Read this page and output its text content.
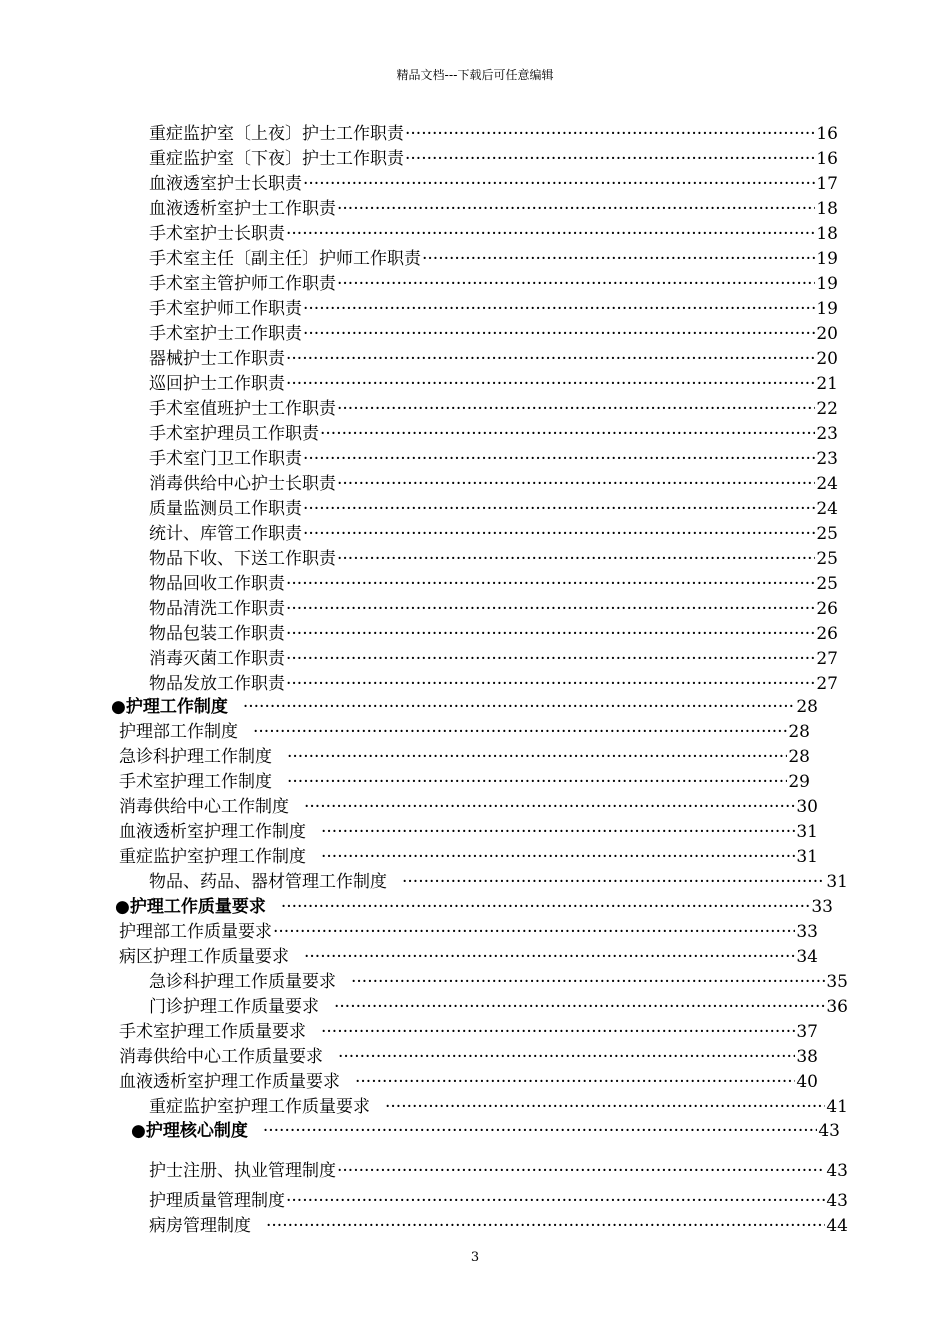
精品文档---下载后可任意编辑
重症监护室〔上夜〕护士工作职责 ·····	16
重症监护室〔下夜〕护士工作职责 ·····	16
血液透室护士长职责 ·····	17
血液透析室护士工作职责 ·····	18
手术室护士长职责 ·····	18
手术室主任〔副主任〕护师工作职责 ·····	19
手术室主管护师工作职责 ·····	19
手术室护师工作职责 ·····	19
手术室护士工作职责 ·····	20
器械护士工作职责 ·····	20
巡回护士工作职责 ·····	21
手术室值班护士工作职责 ·····	22
手术室护理员工作职责 ·····	23
手术室门卫工作职责 ·····	23
消毒供给中心护士长职责 ·····	24
质量监测员工作职责 ·····	24
统计、库管工作职责 ·····	25
物品下收、下送工作职责 ·····	25
物品回收工作职责 ·····	25
物品清洗工作职责 ·····	26
物品包装工作职责 ·····	26
消毒灭菌工作职责 ·····	27
物品发放工作职责 ·····	27
●护理工作制度 ·····	28
护理部工作制度 ·····	28
急诊科护理工作制度 ·····	28
手术室护理工作制度 ·····	29
消毒供给中心工作制度 ·····	30
血液透析室护理工作制度 ·····	31
重症监护室护理工作制度 ·····	31
物品、药品、器材管理工作制度 ·····	31
●护理工作质量要求 ·····	33
护理部工作质量要求 ·····	33
病区护理工作质量要求 ·····	34
急诊科护理工作质量要求 ·····	35
门诊护理工作质量要求 ·····	36
手术室护理工作质量要求 ·····	37
消毒供给中心工作质量要求 ·····	38
血液透析室护理工作质量要求 ·····	40
重症监护室护理工作质量要求 ·····	41
●护理核心制度 ·····	43
护士注册、执业管理制度 ·····	43
护理质量管理制度 ·····	43
病房管理制度 ·····	44
3
